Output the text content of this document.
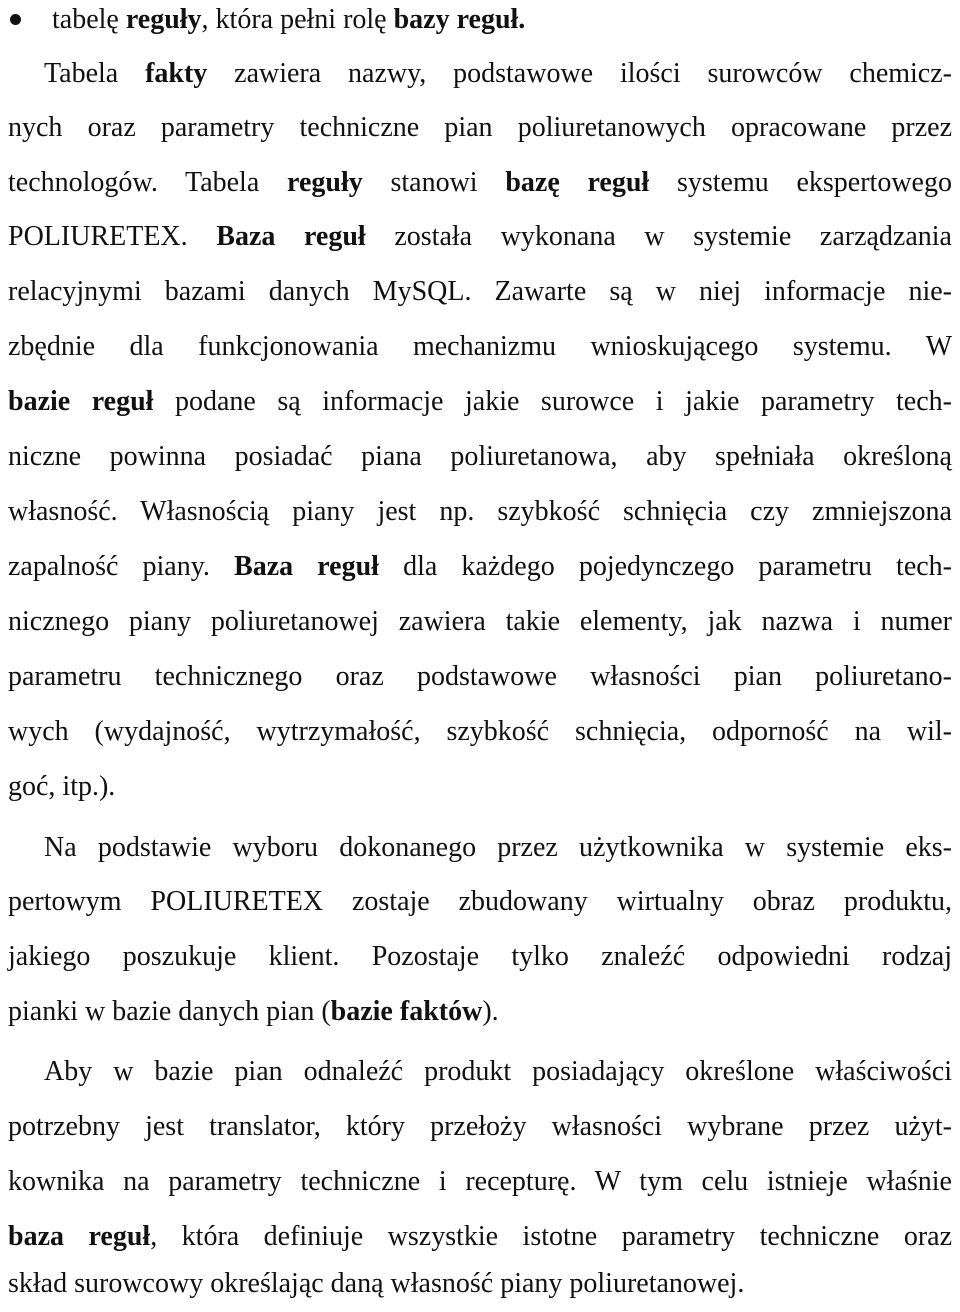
tabelę reguły, która pełni rolę bazy reguł.
Tabela fakty zawiera nazwy, podstawowe ilości surowców chemicz-
nych oraz parametry techniczne pian poliuretanowych opracowane przez
technologów. Tabela reguły stanowi bazę reguł systemu ekspertowego
POLIURETEX. Baza reguł została wykonana w systemie zarządzania
relacyjnymi bazami danych MySQL. Zawarte są w niej informacje nie-
zbędnie dla funkcjonowania mechanizmu wnioskującego systemu. W
bazie reguł podane są informacje jakie surowce i jakie parametry tech-
niczne powinna posiadać piana poliuretanowa, aby spełniała określoną
własność. Własnością piany jest np. szybkość schnięcia czy zmniejszona
zapalność piany. Baza reguł dla każdego pojedynczego parametru tech-
nicznego piany poliuretanowej zawiera takie elementy, jak nazwa i numer
parametru technicznego oraz podstawowe własności pian poliuretano-
wych (wydajność, wytrzymałość, szybkość schnięcia, odporność na wil-
goć, itp.).
Na podstawie wyboru dokonanego przez użytkownika w systemie eks-
pertowym POLIURETEX zostaje zbudowany wirtualny obraz produktu,
jakiego poszukuje klient. Pozostaje tylko znaleźć odpowiedni rodzaj
pianki w bazie danych pian (bazie faktów).
Aby w bazie pian odnaleźć produkt posiadający określone właściwości
potrzebny jest translator, który przełoży własności wybrane przez użyt-
kownika na parametry techniczne i recepturę. W tym celu istnieje właśnie
baza reguł, która definiuje wszystkie istotne parametry techniczne oraz
skład surowcowy określając daną własność piany poliuretanowej.
